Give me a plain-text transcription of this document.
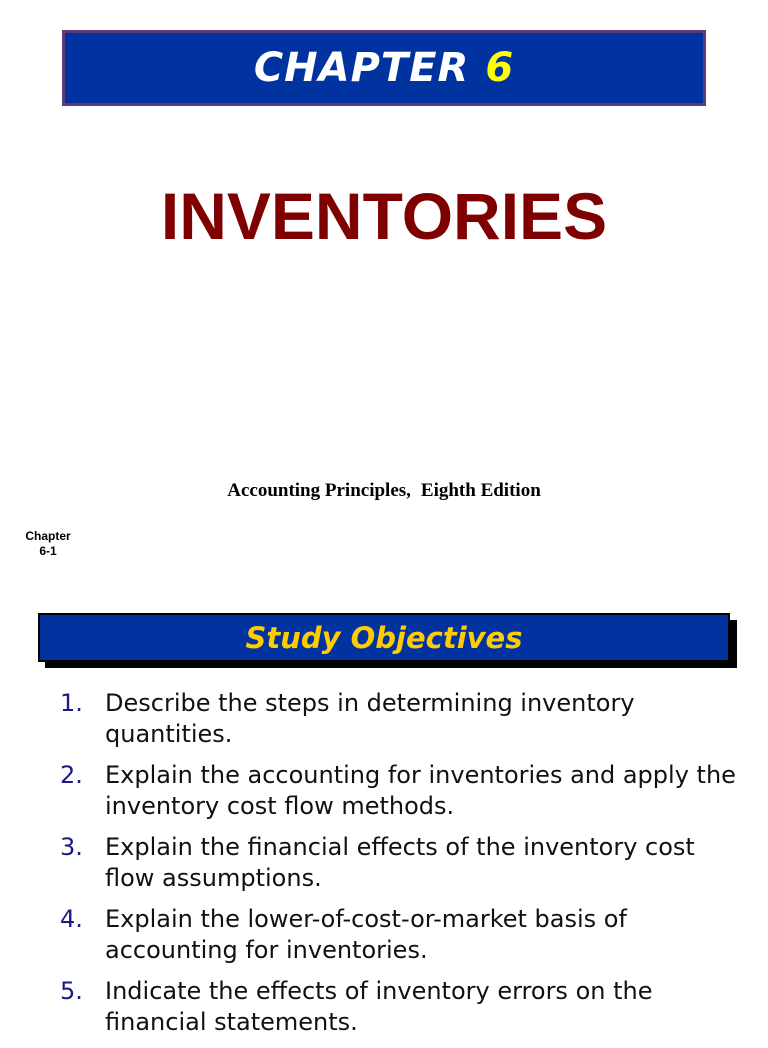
CHAPTER 6
INVENTORIES
Accounting Principles, Eighth Edition
Chapter
6-1
Study Objectives
1. Describe the steps in determining inventory quantities.
2. Explain the accounting for inventories and apply the inventory cost flow methods.
3. Explain the financial effects of the inventory cost flow assumptions.
4. Explain the lower-of-cost-or-market basis of accounting for inventories.
5. Indicate the effects of inventory errors on the financial statements.
